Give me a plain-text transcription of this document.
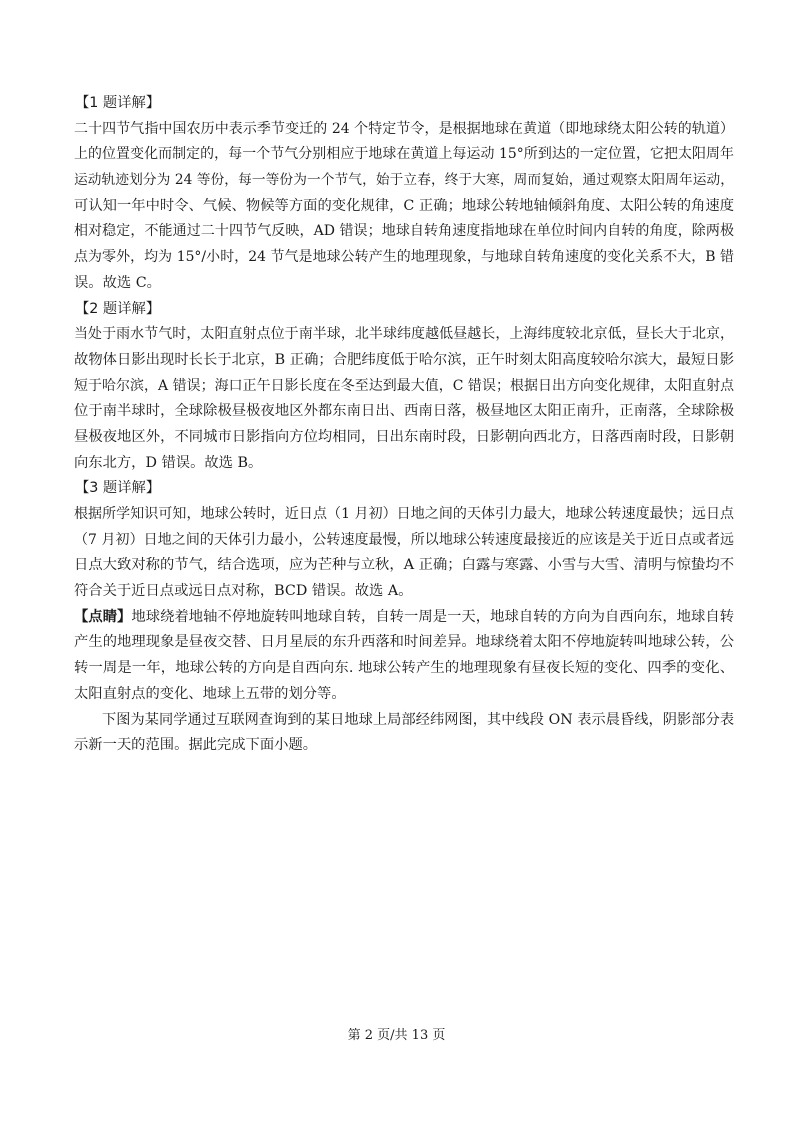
【1 题详解】
二十四节气指中国农历中表示季节变迁的 24 个特定节令，是根据地球在黄道（即地球绕太阳公转的轨道）
上的位置变化而制定的，每一个节气分别相应于地球在黄道上每运动 15°所到达的一定位置，它把太阳周年
运动轨迹划分为 24 等份，每一等份为一个节气，始于立春，终于大寒，周而复始，通过观察太阳周年运动，
可认知一年中时令、气候、物候等方面的变化规律，C 正确；地球公转地轴倾斜角度、太阳公转的角速度
相对稳定，不能通过二十四节气反映，AD 错误；地球自转角速度指地球在单位时间内自转的角度，除两极
点为零外，均为 15°/小时，24 节气是地球公转产生的地理现象，与地球自转角速度的变化关系不大，B 错
误。故选 C。
【2 题详解】
当处于雨水节气时，太阳直射点位于南半球，北半球纬度越低昼越长，上海纬度较北京低，昼长大于北京，
故物体日影出现时长长于北京，B 正确；合肥纬度低于哈尔滨，正午时刻太阳高度较哈尔滨大，最短日影
短于哈尔滨，A 错误；海口正午日影长度在冬至达到最大值，C 错误；根据日出方向变化规律，太阳直射点
位于南半球时，全球除极昼极夜地区外都东南日出、西南日落，极昼地区太阳正南升，正南落，全球除极
昼极夜地区外，不同城市日影指向方位均相同，日出东南时段，日影朝向西北方，日落西南时段，日影朝
向东北方，D 错误。故选 B。
【3 题详解】
根据所学知识可知，地球公转时，近日点（1 月初）日地之间的天体引力最大，地球公转速度最快；远日点
（7 月初）日地之间的天体引力最小，公转速度最慢，所以地球公转速度最接近的应该是关于近日点或者远
日点大致对称的节气，结合选项，应为芒种与立秋，A 正确；白露与寒露、小雪与大雪、清明与惊蛰均不
符合关于近日点或远日点对称，BCD 错误。故选 A。
【点睛】地球绕着地轴不停地旋转叫地球自转，自转一周是一天，地球自转的方向为自西向东，地球自转
产生的地理现象是昼夜交替、日月星辰的东升西落和时间差异。地球绕着太阳不停地旋转叫地球公转，公
转一周是一年，地球公转的方向是自西向东. 地球公转产生的地理现象有昼夜长短的变化、四季的变化、
太阳直射点的变化、地球上五带的划分等。
下图为某同学通过互联网查询到的某日地球上局部经纬网图，其中线段 ON 表示晨昏线，阴影部分表
示新一天的范围。据此完成下面小题。
第 2 页/共 13 页
